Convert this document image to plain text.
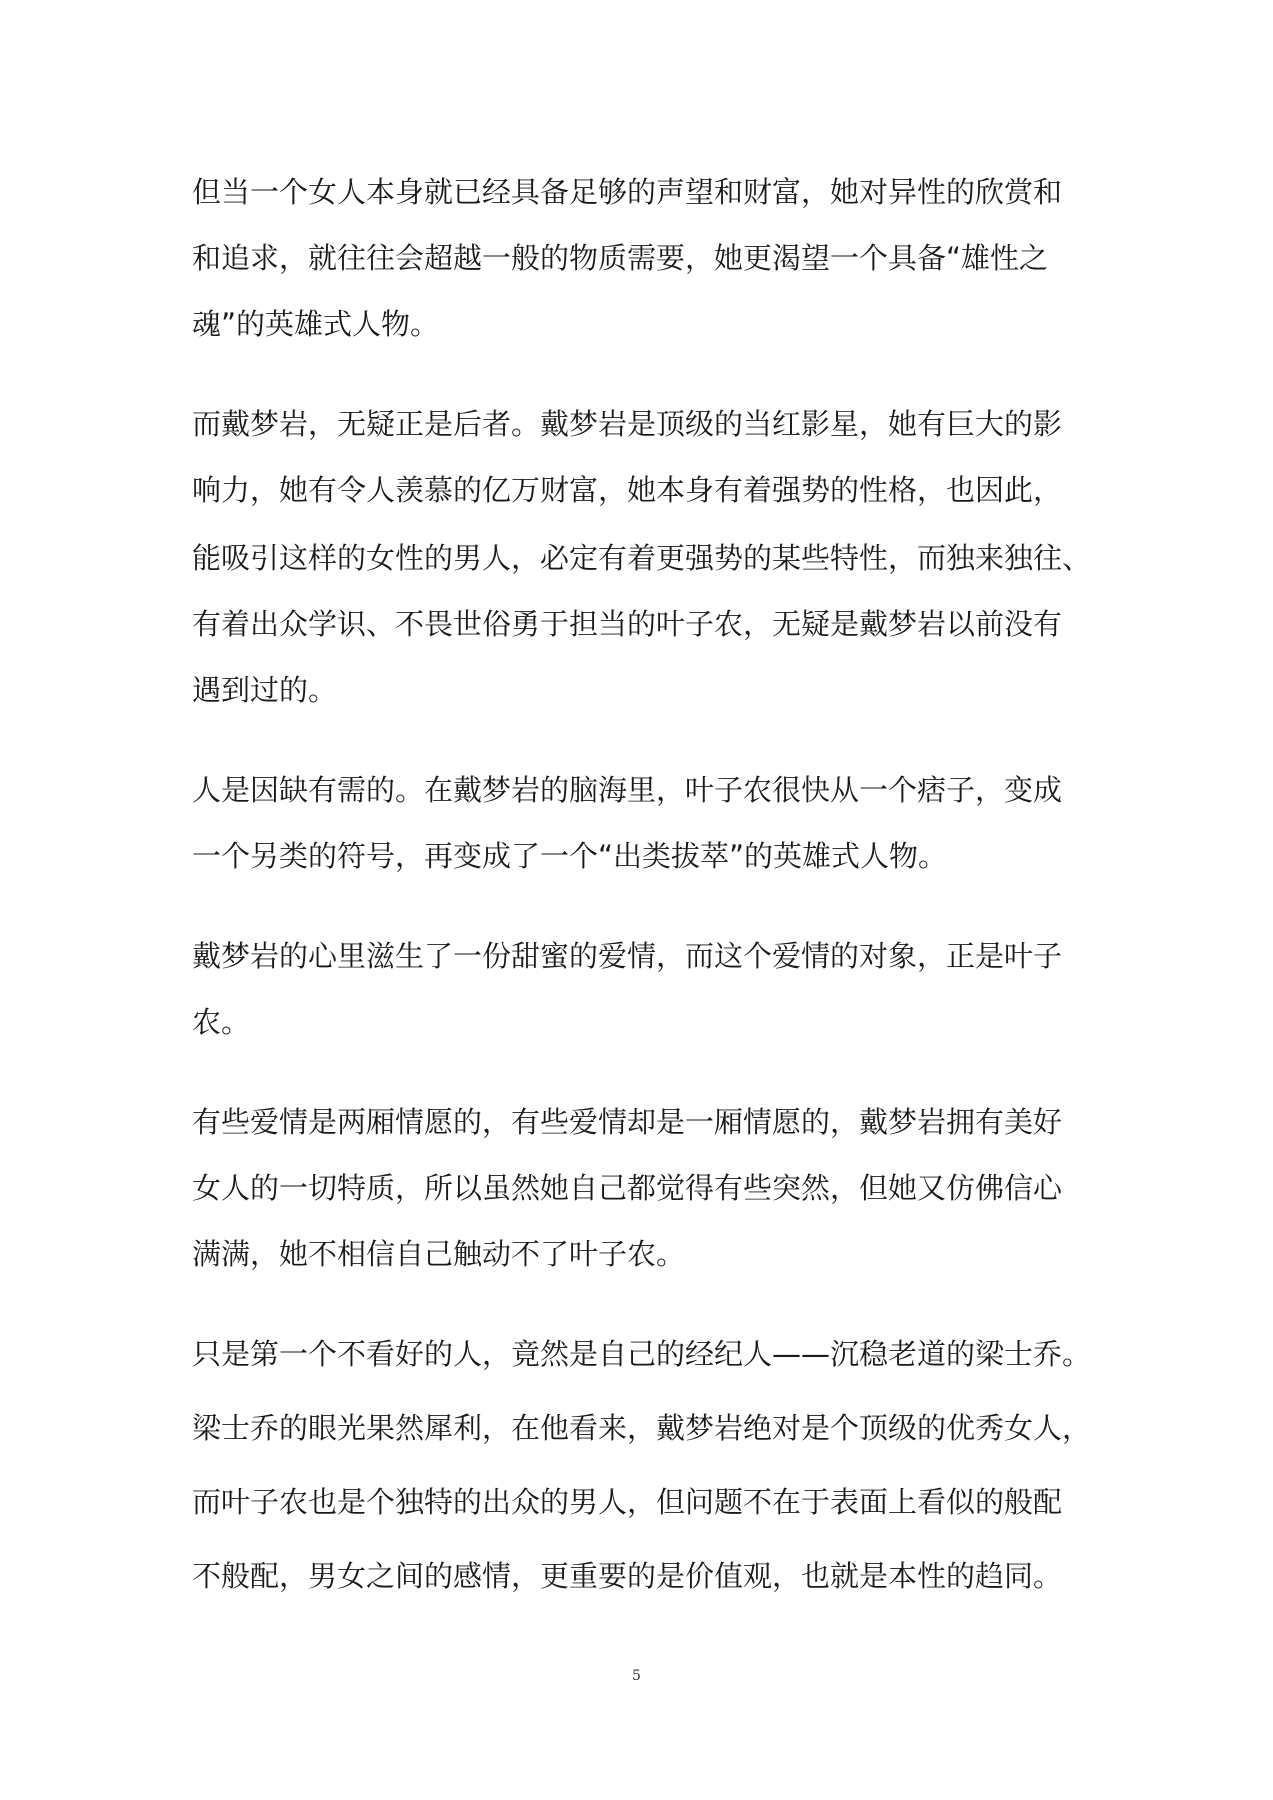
但当一个女人本身就已经具备足够的声望和财富，她对异性的欣赏和

和追求，就往往会超越一般的物质需要，她更渴望一个具备“雄性之

魂”的英雄式人物。

而戴梦岩，无疑正是后者。戴梦岩是顶级的当红影星，她有巨大的影

响力，她有令人羡慕的亿万财富，她本身有着强势的性格，也因此，

能吸引这样的女性的男人，必定有着更强势的某些特性，而独来独往、

有着出众学识、不畏世俗勇于担当的叶子农，无疑是戴梦岩以前没有

遇到过的。

人是因缺有需的。在戴梦岩的脑海里，叶子农很快从一个痞子，变成

一个另类的符号，再变成了一个“出类拔萃”的英雄式人物。

戴梦岩的心里滋生了一份甜蜜的爱情，而这个爱情的对象，正是叶子

农。

有些爱情是两厢情愿的，有些爱情却是一厢情愿的，戴梦岩拥有美好

女人的一切特质，所以虽然她自己都觉得有些突然，但她又仿佛信心

满满，她不相信自己触动不了叶子农。

只是第一个不看好的人，竟然是自己的经纪人——沉稳老道的梁士乔。

梁士乔的眼光果然犀利，在他看来，戴梦岩绝对是个顶级的优秀女人，

而叶子农也是个独特的出众的男人，但问题不在于表面上看似的般配

不般配，男女之间的感情，更重要的是价值观，也就是本性的趋同。

5
